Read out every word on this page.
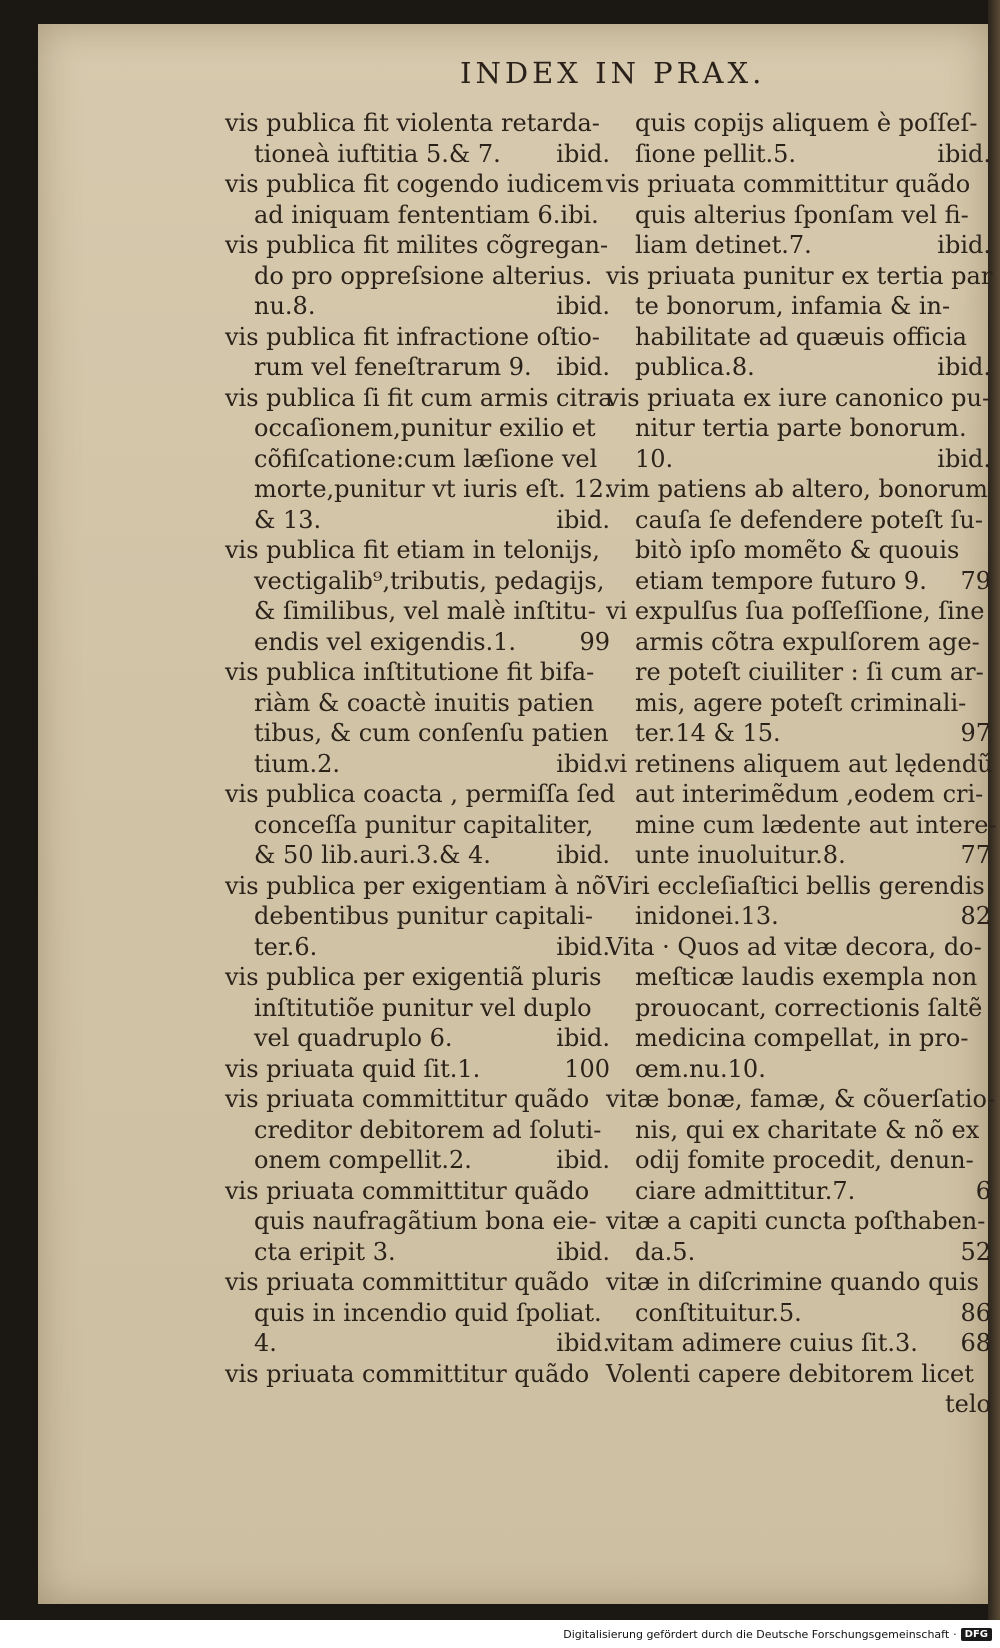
INDEX IN PRAX.
vis publica fit violenta retarda-
tioneà iuftitia 5.& 7.	ibid.
vis publica fit cogendo iudicem
ad iniquam fententiam 6.ibi.
vis publica fit milites cõgregan-
do pro oppreſsione alterius.
nu.8.	ibid.
vis publica fit infractione oſtio-
rum vel feneſtrarum 9.	ibid.
vis publica ſi fit cum armis citra
occaſionem,punitur exilio et
cõfiſcatione:cum læſione vel
morte,punitur vt iuris eſt. 12.
& 13.	ibid.
vis publica fit etiam in telonijs,
vectigalib⁹,tributis, pedagijs,
& ſimilibus, vel malè inſtitu-
endis vel exigendis.1.	99
vis publica inſtitutione fit bifa-
riàm & coactè inuitis patien
tibus, & cum conſenſu patien
tium.2.	ibid.
vis publica coacta , permiſſa ſed
conceſſa punitur capitaliter,
& 50 lib.auri.3.& 4.	ibid.
vis publica per exigentiam à nõ
debentibus punitur capitali-
ter.6.	ibid.
vis publica per exigentiã pluris
inſtitutiõe punitur vel duplo
vel quadruplo 6.	ibid.
vis priuata quid ſit.1.	100
vis priuata committitur quãdo
creditor debitorem ad ſoluti-
onem compellit.2.	ibid.
vis priuata committitur quãdo
quis naufragãtium bona eie-
cta eripit 3.	ibid.
vis priuata committitur quãdo
quis in incendio quid ſpoliat.
4.	ibid.
vis priuata committitur quãdo
quis copijs aliquem è poſſeſ-
ſione pellit.5.	ibid.
vis priuata committitur quãdo
quis alterius ſponſam vel fi-
liam detinet.7.	ibid.
vis priuata punitur ex tertia par
te bonorum, infamia & in-
habilitate ad quæuis officia
publica.8.	ibid.
vis priuata ex iure canonico pu-
nitur tertia parte bonorum.
10.	ibid.
vim patiens ab altero, bonorum
cauſa ſe defendere poteſt ſu-
bitò ipſo momẽto & quouis
etiam tempore futuro 9.	79
vi expulſus ſua poſſeſſione, ſine
armis cõtra expulſorem age-
re poteſt ciuiliter : ſi cum ar-
mis, agere poteſt criminali-
ter.14 & 15.	97
vi retinens aliquem aut lędendũ
aut interimẽdum ,eodem cri-
mine cum lædente aut intere-
unte inuoluitur.8.	77
Viri eccleſiaſtici bellis gerendis
inidonei.13.	82
Vita · Quos ad vitæ decora, do-
meſticæ laudis exempla non
prouocant, correctionis ſaltẽ
medicina compellat, in pro-
œm.nu.10.
vitæ bonæ, famæ, & cõuerſatio-
nis, qui ex charitate & nõ ex
odij fomite procedit, denun-
ciare admittitur.7.	6
vitæ a capiti cuncta poſthaben-
da.5.	52
vitæ in diſcrimine quando quis
conſtituitur.5.	86
vitam adimere cuius ſit.3.	68
Volenti capere debitorem licet
telo
Digitalisierung gefördert durch die Deutsche Forschungsgemeinschaft · DFG
